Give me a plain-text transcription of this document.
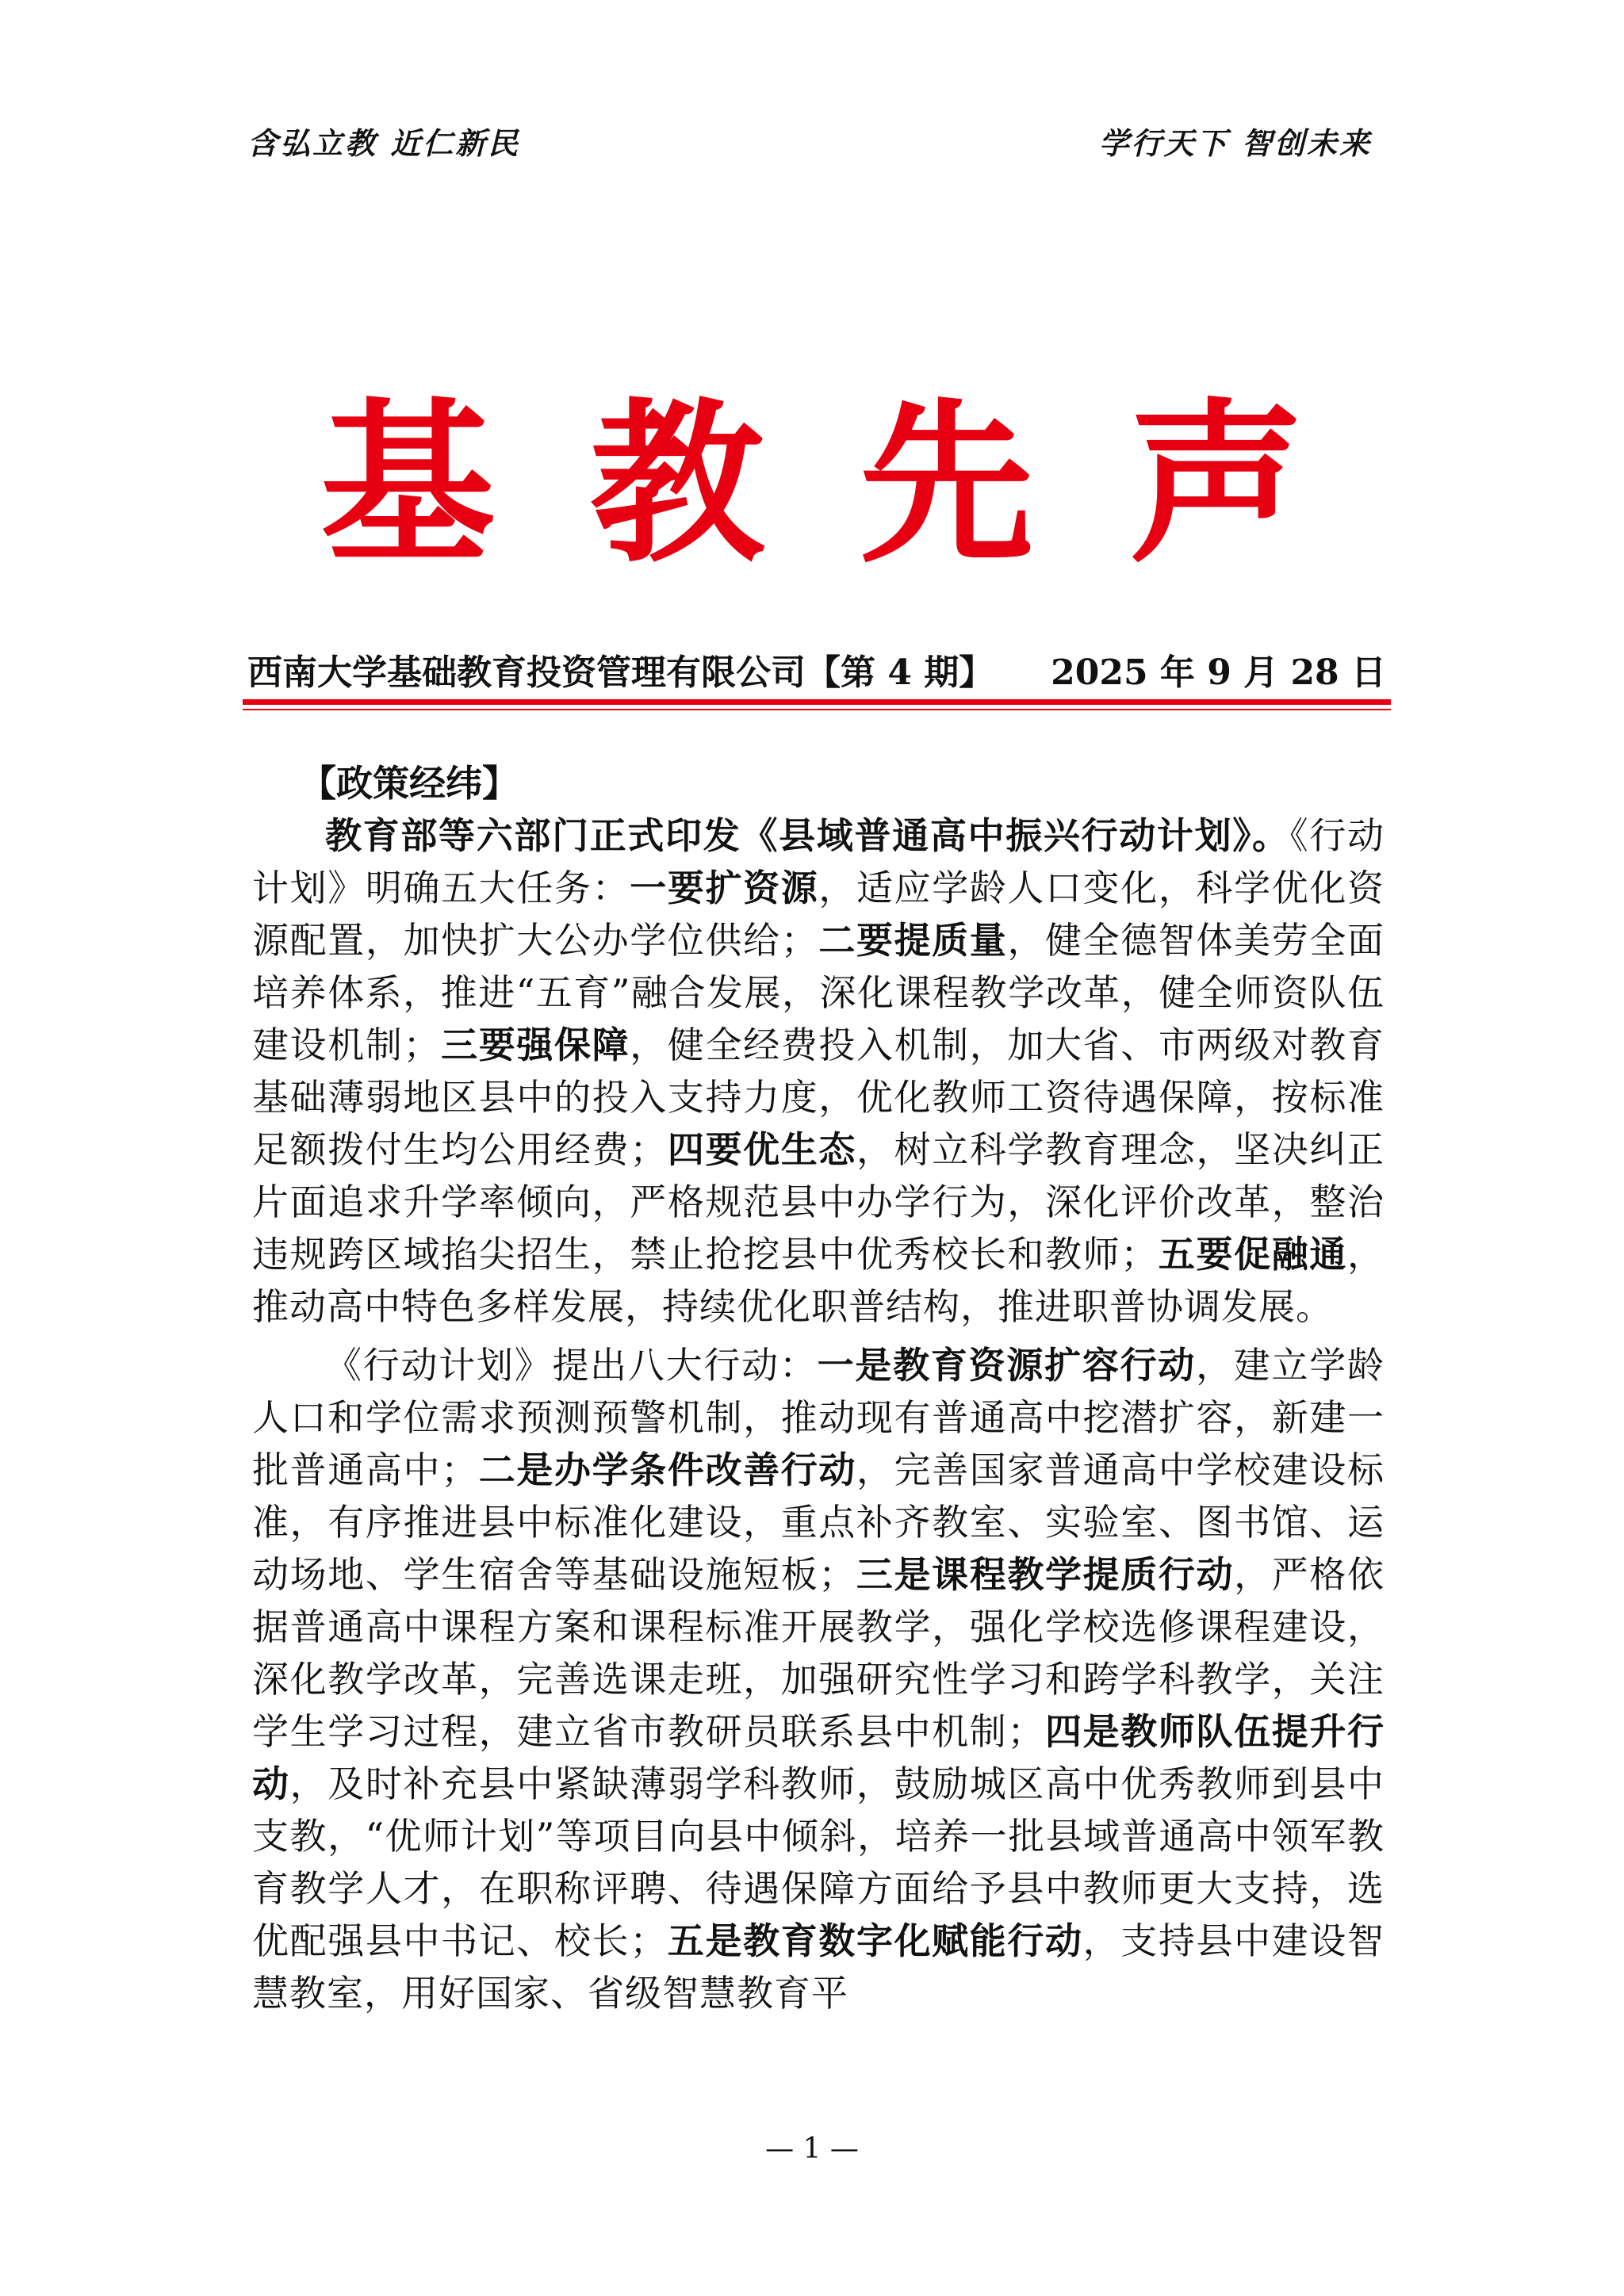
含弘立教 近仁新民	学行天下 智创未来
基 教 先 声
西南大学基础教育投资管理有限公司【第 4 期】 2025 年 9 月 28 日

【政策经纬】

教育部等六部门正式印发《县域普通高中振兴行动计划》。《行动计划》明确五大任务：一要扩资源，适应学龄人口变化，科学优化资源配置，加快扩大公办学位供给；二要提质量，健全德智体美劳全面培养体系，推进“五育”融合发展，深化课程教学改革，健全师资队伍建设机制；三要强保障，健全经费投入机制，加大省、市两级对教育基础薄弱地区县中的投入支持力度，优化教师工资待遇保障，按标准足额拨付生均公用经费；四要优生态，树立科学教育理念，坚决纠正片面追求升学率倾向，严格规范县中办学行为，深化评价改革，整治违规跨区域掐尖招生，禁止抢挖县中优秀校长和教师；五要促融通，推动高中特色多样发展，持续优化职普结构，推进职普协调发展。

《行动计划》提出八大行动：一是教育资源扩容行动，建立学龄人口和学位需求预测预警机制，推动现有普通高中挖潜扩容，新建一批普通高中；二是办学条件改善行动，完善国家普通高中学校建设标准，有序推进县中标准化建设，重点补齐教室、实验室、图书馆、运动场地、学生宿舍等基础设施短板；三是课程教学提质行动，严格依据普通高中课程方案和课程标准开展教学，强化学校选修课程建设，深化教学改革，完善选课走班，加强研究性学习和跨学科教学，关注学生学习过程，建立省市教研员联系县中机制；四是教师队伍提升行动，及时补充县中紧缺薄弱学科教师，鼓励城区高中优秀教师到县中支教，“优师计划”等项目向县中倾斜，培养一批县域普通高中领军教育教学人才，在职称评聘、待遇保障方面给予县中教师更大支持，选优配强县中书记、校长；五是教育数字化赋能行动，支持县中建设智慧教室，用好国家、省级智慧教育平

— 1 —
